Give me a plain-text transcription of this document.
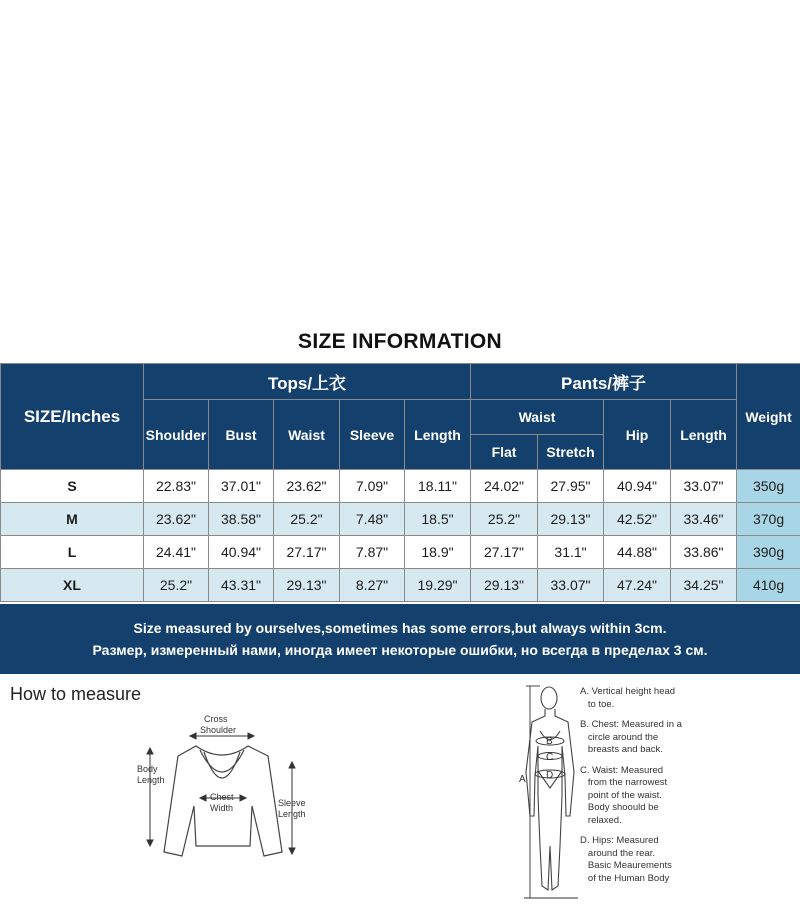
SIZE INFORMATION
SIZE/Inches	Tops/上衣					Pants/裤子				Weight
	Shoulder	Bust	Waist	Sleeve	Length	Waist		Hip	Length	
						Flat	Stretch			
S	22.83"	37.01"	23.62"	7.09"	18.11"	24.02"	27.95"	40.94"	33.07"	350g
M	23.62"	38.58"	25.2"	7.48"	18.5"	25.2"	29.13"	42.52"	33.46"	370g
L	24.41"	40.94"	27.17"	7.87"	18.9"	27.17"	31.1"	44.88"	33.86"	390g
XL	25.2"	43.31"	29.13"	8.27"	19.29"	29.13"	33.07"	47.24"	34.25"	410g
Size measured by ourselves,sometimes has some errors,but always within 3cm.
Размер, измеренный нами, иногда имеет некоторые ошибки, но всегда в пределах 3 см.
How to measure
Cross
Shoulder
Body
Length
Chest
Width	Sleeve
Length
A
B
C
D

A. Vertical height head
to toe.

B. Chest: Measured in a
circle around the
breasts and back.

C. Waist: Measured
from the narrowest
point of the waist.
Body shoould be
relaxed.

D. Hips: Measured
around the rear.
Basic Meaurements
of the Human Body
